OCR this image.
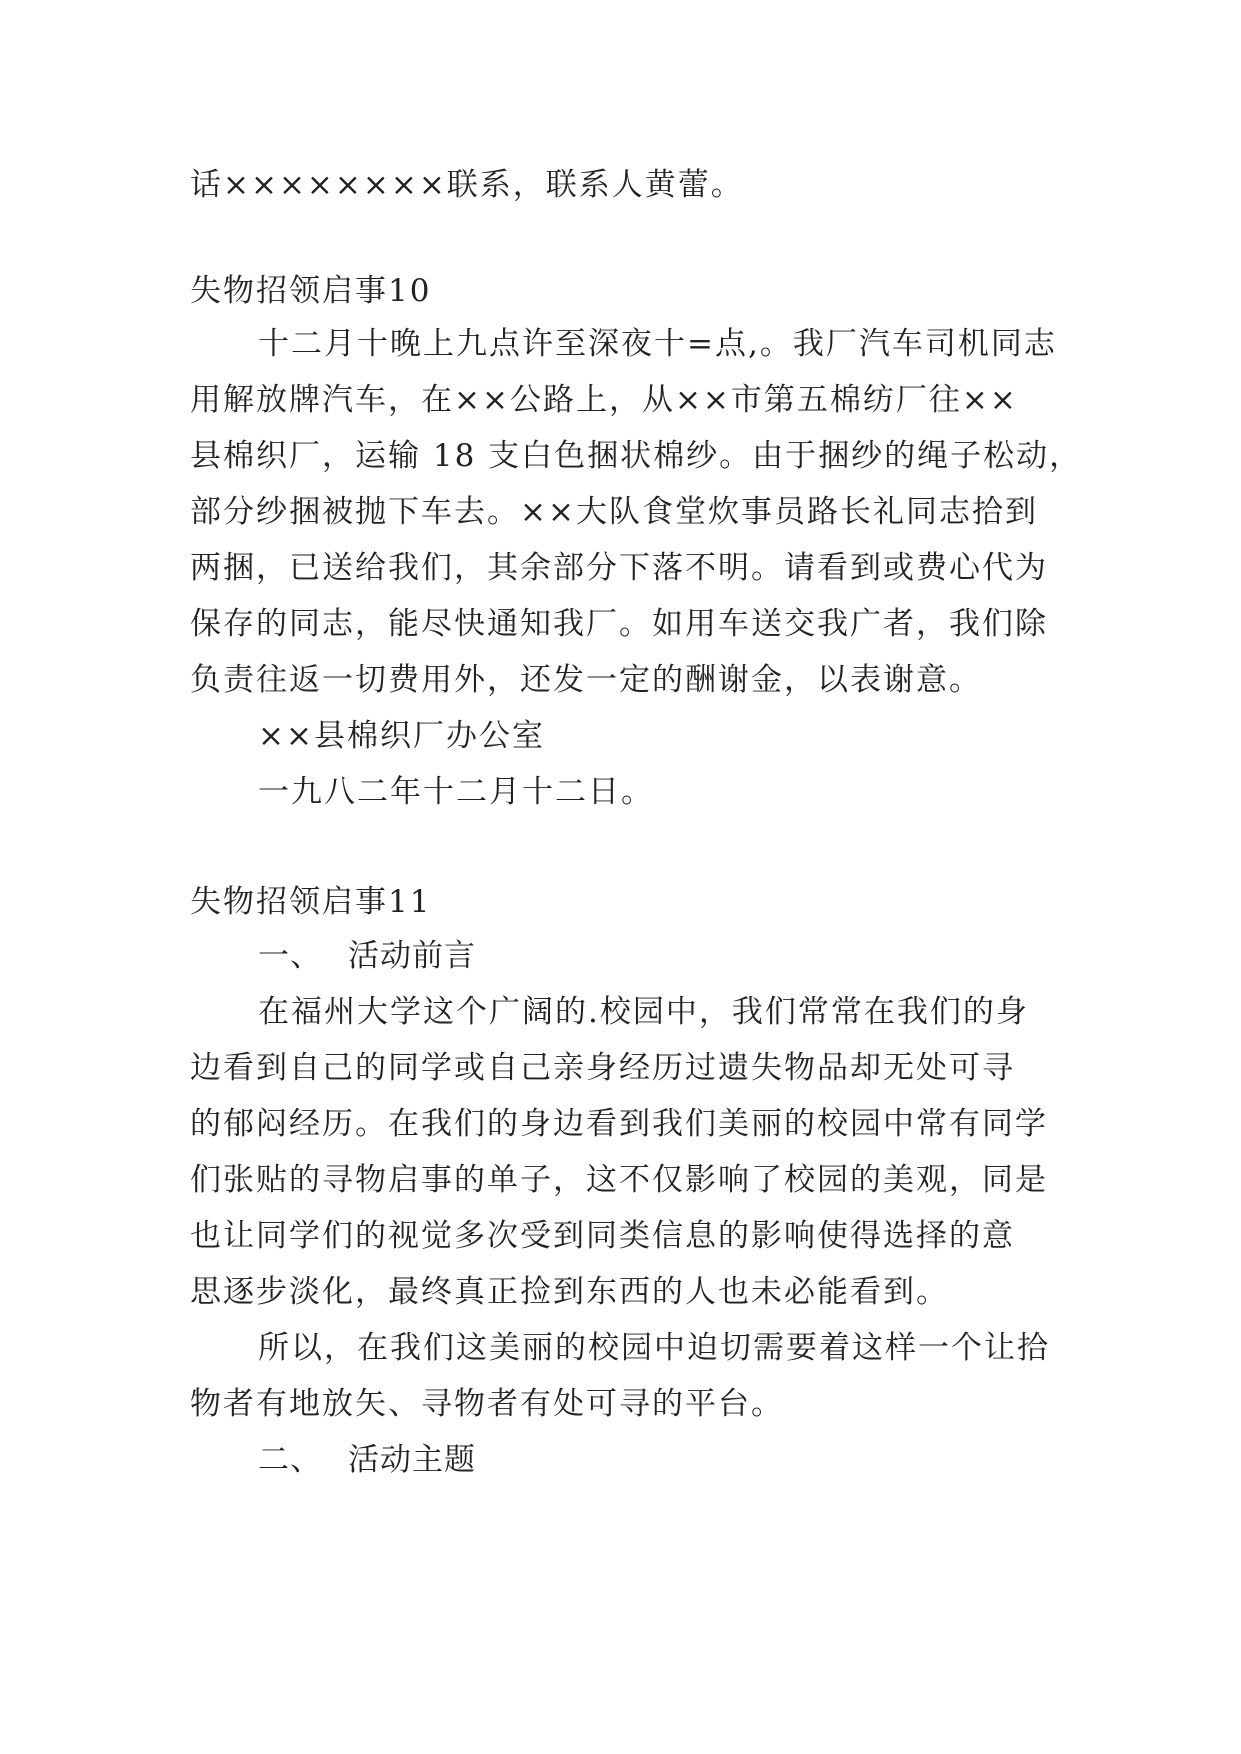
话××××××××联系，联系人黄蕾。
失物招领启事10
十二月十晚上九点许至深夜十=点,。我厂汽车司机同志
用解放牌汽车，在××公路上，从××市第五棉纺厂往××
县棉织厂，运输 18 支白色捆状棉纱。由于捆纱的绳子松动，
部分纱捆被抛下车去。××大队食堂炊事员路长礼同志拾到
两捆，已送给我们，其余部分下落不明。请看到或费心代为
保存的同志，能尽快通知我厂。如用车送交我广者，我们除
负责往返一切费用外，还发一定的酬谢金，以表谢意。
××县棉织厂办公室
一九八二年十二月十二日。
失物招领启事11
一、 活动前言
在福州大学这个广阔的.校园中，我们常常在我们的身
边看到自己的同学或自己亲身经历过遗失物品却无处可寻
的郁闷经历。在我们的身边看到我们美丽的校园中常有同学
们张贴的寻物启事的单子，这不仅影响了校园的美观，同是
也让同学们的视觉多次受到同类信息的影响使得选择的意
思逐步淡化，最终真正捡到东西的人也未必能看到。
所以，在我们这美丽的校园中迫切需要着这样一个让拾
物者有地放矢、寻物者有处可寻的平台。
二、 活动主题
